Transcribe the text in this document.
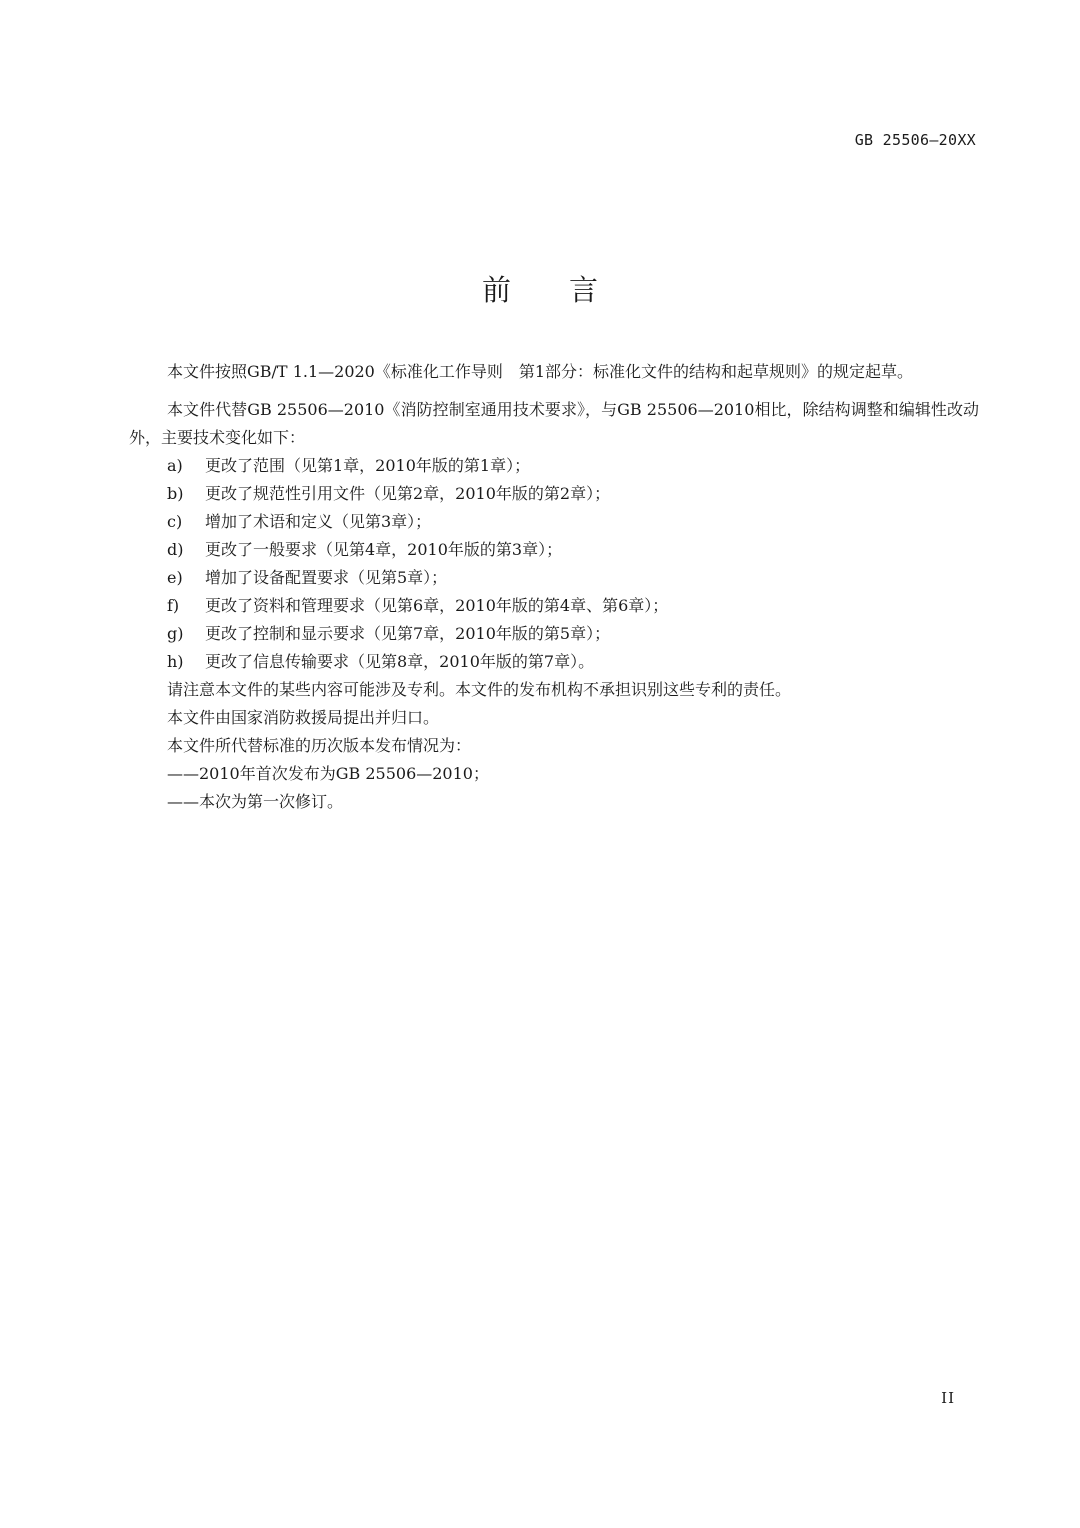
GB 25506—20XX
前言

本文件按照GB/T 1.1—2020《标准化工作导则　第1部分：标准化文件的结构和起草规则》的规定起草。

本文件代替GB 25506—2010《消防控制室通用技术要求》，与GB 25506—2010相比，除结构调整和编辑性改动外，主要技术变化如下：

a)	更改了范围（见第1章，2010年版的第1章）；
b)	更改了规范性引用文件（见第2章，2010年版的第2章）；
c)	增加了术语和定义（见第3章）；
d)	更改了一般要求（见第4章，2010年版的第3章）；
e)	增加了设备配置要求（见第5章）；
f)	更改了资料和管理要求（见第6章，2010年版的第4章、第6章）；
g)	更改了控制和显示要求（见第7章，2010年版的第5章）；
h)	更改了信息传输要求（见第8章，2010年版的第7章）。

请注意本文件的某些内容可能涉及专利。本文件的发布机构不承担识别这些专利的责任。

本文件由国家消防救援局提出并归口。

本文件所代替标准的历次版本发布情况为：

——2010年首次发布为GB 25506—2010；

——本次为第一次修订。

II
